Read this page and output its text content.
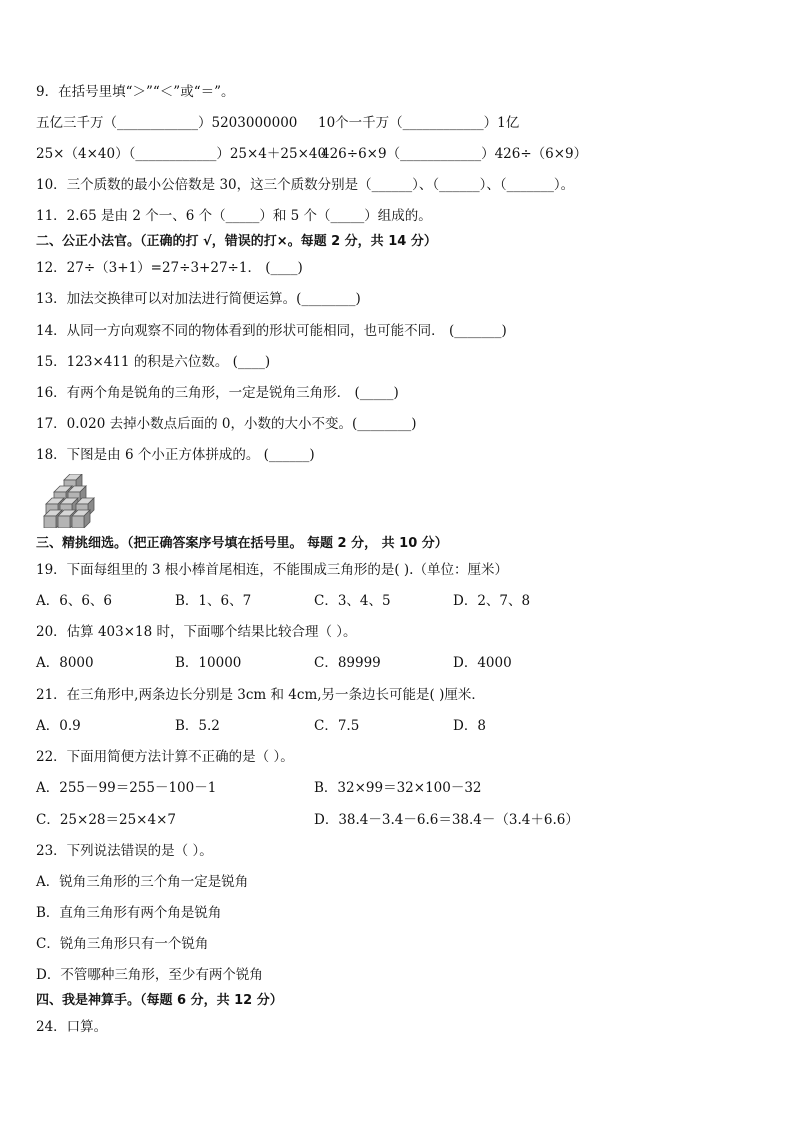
9．在括号里填“＞”“＜”或“＝”。
五亿三千万（____________）5203000000 10个一千万（____________）1亿
25×（4×40）（____________）25×4＋25×40
426÷6×9（____________）426÷（6×9）
10．三个质数的最小公倍数是 30，这三个质数分别是（______）、（______）、（_______）。
11．2.65 是由 2 个一、6 个（_____）和 5 个（_____）组成的。
二、公正小法官。（正确的打 √，错误的打×。每题 2 分，共 14 分）
12．27÷（3+1）=27÷3+27÷1． (____)
13．加法交换律可以对加法进行简便运算。(________)
14．从同一方向观察不同的物体看到的形状可能相同，也可能不同． (_______)
15．123×411 的积是六位数。 (____)
16．有两个角是锐角的三角形，一定是锐角三角形． (_____)
17．0.020 去掉小数点后面的 0，小数的大小不变。(________)
18．下图是由 6 个小正方体拼成的。 (______)
三、精挑细选。（把正确答案序号填在括号里。 每题 2 分， 共 10 分）
19．下面每组里的 3 根小棒首尾相连，不能围成三角形的是( ).（单位：厘米）
A．6、6、6	B．1、6、7	C．3、4、5	D．2、7、8
20．估算 403×18 时，下面哪个结果比较合理（ ）。
A．8000	B．10000	C．89999	D．4000
21．在三角形中,两条边长分别是 3cm 和 4cm,另一条边长可能是( )厘米．
A．0.9	B．5.2	C．7.5	D．8
22．下面用简便方法计算不正确的是（ ）。
A．255－99＝255－100－1	B．32×99＝32×100－32
C．25×28＝25×4×7	D．38.4－3.4－6.6＝38.4－（3.4＋6.6）
23．下列说法错误的是（ ）。
A．锐角三角形的三个角一定是锐角
B．直角三角形有两个角是锐角
C．锐角三角形只有一个锐角
D．不管哪种三角形，至少有两个锐角
四、我是神算手。（每题 6 分，共 12 分）
24．口算。
